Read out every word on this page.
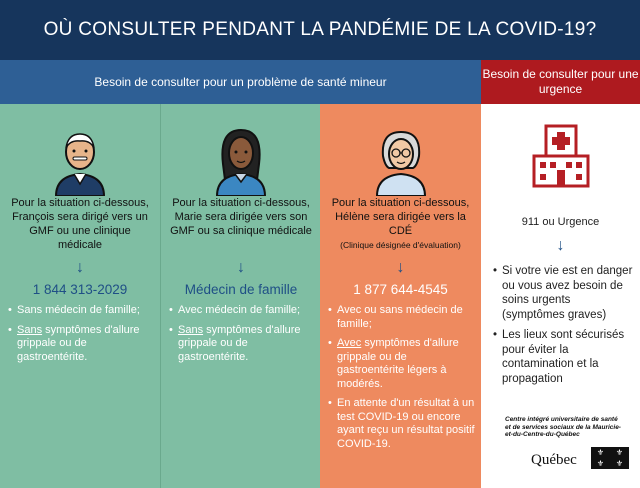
OÙ CONSULTER PENDANT LA PANDÉMIE DE LA COVID-19?
Besoin de consulter pour un problème de santé mineur
Besoin de consulter pour une urgence
Pour la situation ci-dessous, François sera dirigé vers un GMF ou une clinique médicale
↓
1 844 313-2029
• Sans médecin de famille;
• Sans symptômes d'allure grippale ou de gastroentérite.
Pour la situation ci-dessous, Marie sera dirigée vers son GMF ou sa clinique médicale
↓
Médecin de famille
• Avec médecin de famille;
• Sans symptômes d'allure grippale ou de gastroentérite.
Pour la situation ci-dessous, Hélène sera dirigée vers la CDÉ
(Clinique désignée d'évaluation)
↓
1 877 644-4545
• Avec ou sans médecin de famille;
• Avec symptômes d'allure grippale ou de gastroentérite légers à modérés.
• En attente d'un résultat à un test COVID-19 ou encore ayant reçu un résultat positif COVID-19.
911 ou Urgence
↓
• Si votre vie est en danger ou vous avez besoin de soins urgents (symptômes graves)
• Les lieux sont sécurisés pour éviter la contamination et la propagation
Centre intégré universitaire de santé et de services sociaux de la Mauricie-et-du-Centre-du-Québec
Québec	⚜	⚜
⚜	⚜
